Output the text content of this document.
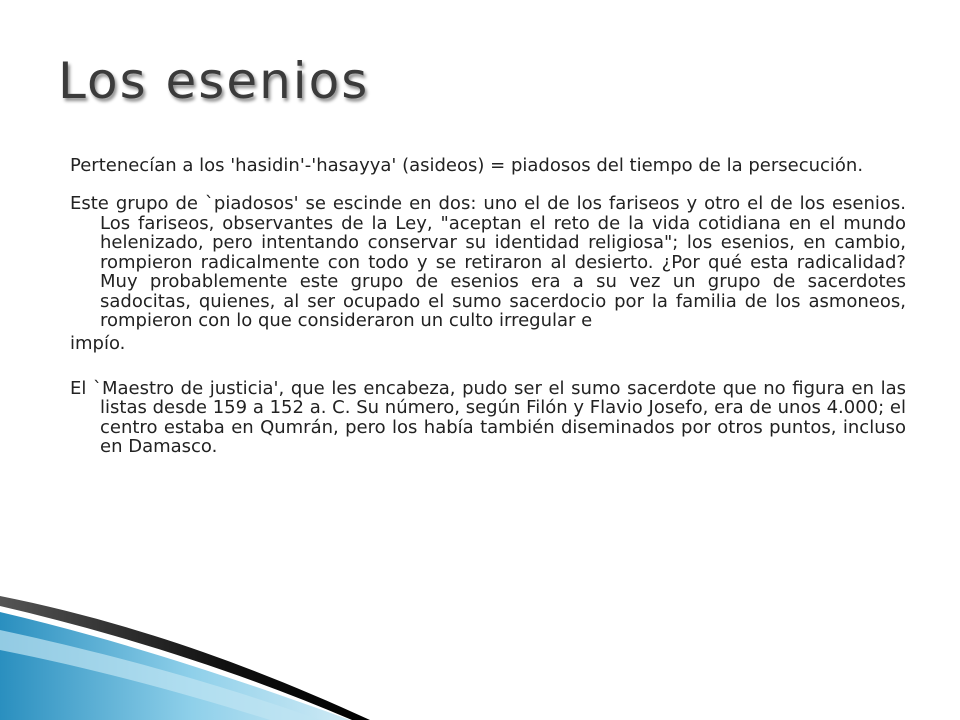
Los esenios

Pertenecían a los 'hasidin'-'hasayya' (asideos) = piadosos del tiempo de la persecución.

Este grupo de `piadosos' se escinde en dos: uno el de los fariseos y otro el de los esenios. Los fariseos, observantes de la Ley, "aceptan el reto de la vida cotidiana en el mundo helenizado, pero intentando conservar su identidad religiosa"; los esenios, en cambio, rompieron radicalmente con todo y se retiraron al desierto. ¿Por qué esta radicalidad? Muy probablemente este grupo de esenios era a su vez un grupo de sacerdotes sadocitas, quienes, al ser ocupado el sumo sacerdocio por la familia de los asmoneos, rompieron con lo que consideraron un culto irregular e

impío.

El `Maestro de justicia', que les encabeza, pudo ser el sumo sacerdote que no figura en las listas desde 159 a 152 a. C. Su número, según Filón y Flavio Josefo, era de unos 4.000; el centro estaba en Qumrán, pero los había también diseminados por otros puntos, incluso en Damasco.
